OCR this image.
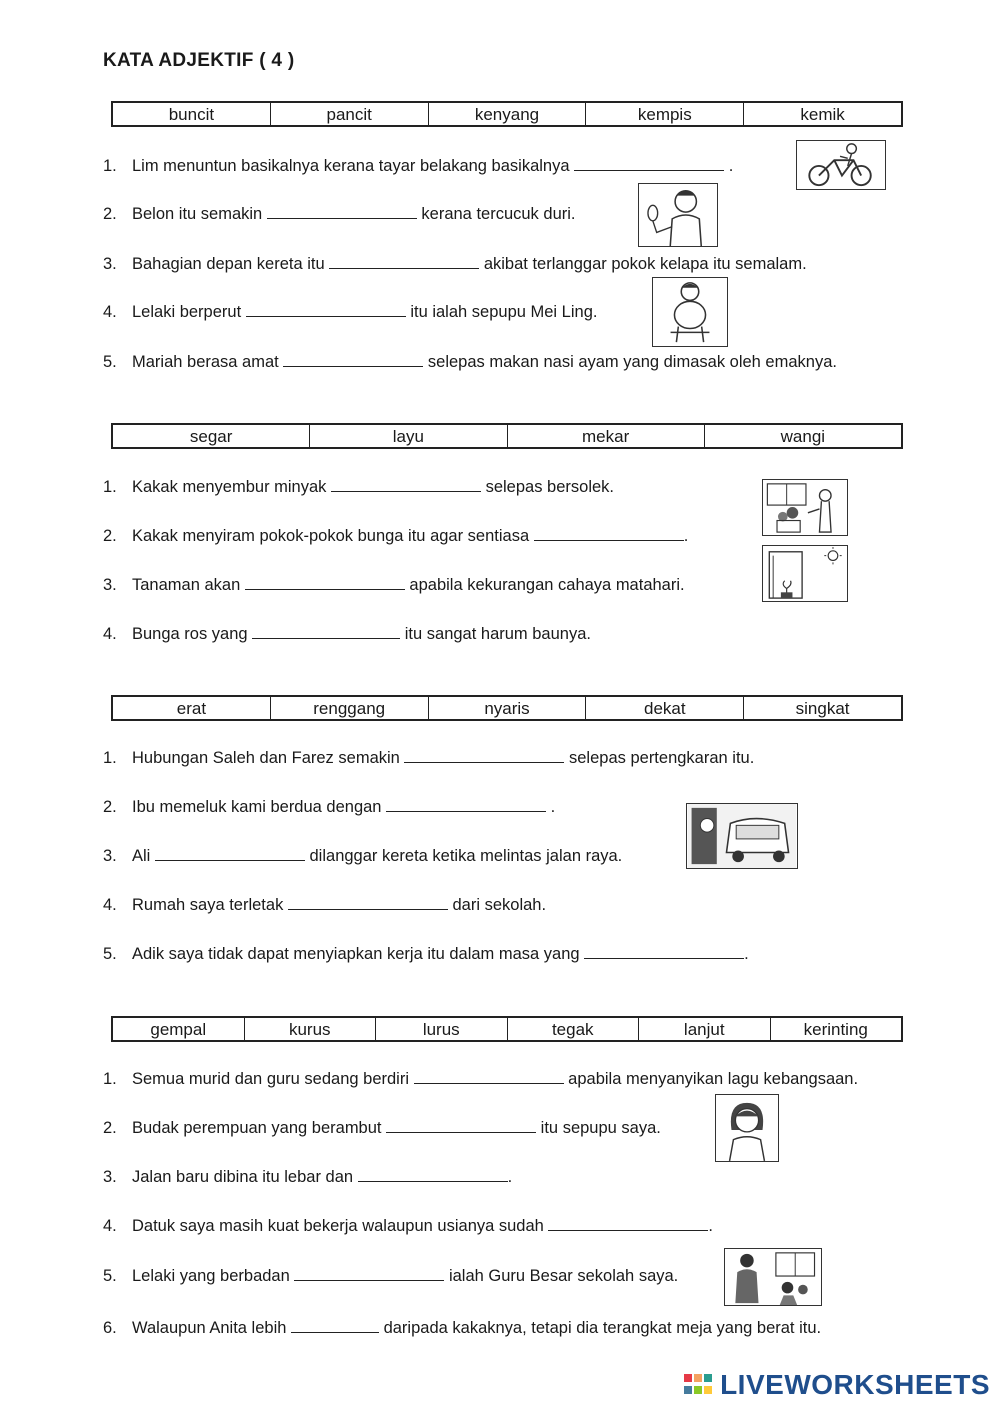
KATA ADJEKTIF ( 4 )
buncit	pancit	kenyang	kempis	kemik
1. Lim menuntun basikalnya kerana tayar belakang basikalnya	.
2. Belon itu semakin	kerana tercucuk duri.
3. Bahagian depan kereta itu	akibat terlanggar pokok kelapa itu semalam.
4. Lelaki berperut	itu ialah sepupu Mei Ling.
5. Mariah berasa amat	selepas makan nasi ayam yang dimasak oleh emaknya.
segar	layu	mekar	wangi
1. Kakak menyembur minyak	selepas bersolek.
2. Kakak menyiram pokok-pokok bunga itu agar sentiasa	.
3. Tanaman akan	apabila kekurangan cahaya matahari.
4. Bunga ros yang	itu sangat harum baunya.
erat	renggang	nyaris	dekat	singkat
1. Hubungan Saleh dan Farez semakin	selepas pertengkaran itu.
2. Ibu memeluk kami berdua dengan	.
3. Ali	dilanggar kereta ketika melintas jalan raya.
4. Rumah saya terletak	dari sekolah.
5. Adik saya tidak dapat menyiapkan kerja itu dalam masa yang	.
gempal	kurus	lurus	tegak	lanjut	kerinting
1. Semua murid dan guru sedang berdiri	apabila menyanyikan lagu kebangsaan.
2. Budak perempuan yang berambut	itu sepupu saya.
3. Jalan baru dibina itu lebar dan	.
4. Datuk saya masih kuat bekerja walaupun usianya sudah	.
5. Lelaki yang berbadan	ialah Guru Besar sekolah saya.
6. Walaupun Anita lebih	daripada kakaknya, tetapi dia terangkat meja yang berat itu.
LIVEWORKSHEETS
